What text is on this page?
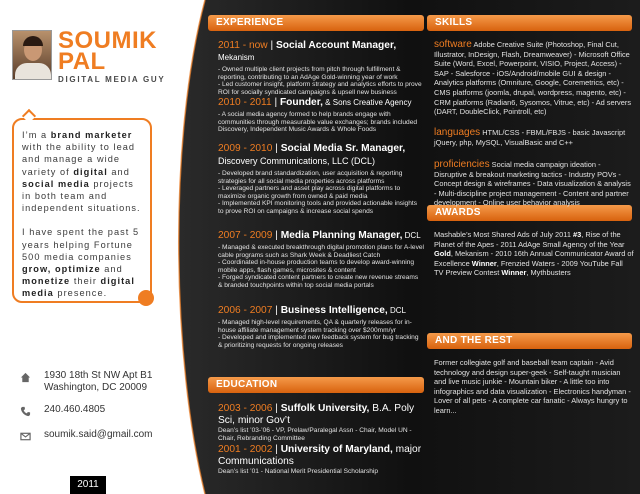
SOUMIK
PAL
DIGITAL MEDIA GUY

I’m a brand marketer with the ability to lead and manage a wide variety of digital and social media projects in both team and independent situations.

I have spent the past 5 years helping Fortune 500 media companies grow, optimize and monetize their digital media presence.

1930 18th St NW Apt B1
Washington, DC 20009
240.460.4805
soumik.said@gmail.com
2011
EXPERIENCE	SKILLS
EDUCATION
AWARDS
AND THE REST
2011 - now | Social Account Manager, Mekanism
- Owned multiple client projects from pitch through fulfillment & reporting, contributing to an AdAge Gold-winning year of work
- Led customer insight, platform strategy and analytics efforts to prove ROI for socially syndicated campaigns & upsell new business
2010 - 2011 | Founder, & Sons Creative Agency
- A social media agency formed to help brands engage with communities through measurable value exchanges; brands included Discovery, Independent Music Awards & Whole Foods
2009 - 2010 | Social Media Sr. Manager,
Discovery Communications, LLC (DCL)
- Developed brand standardization, user acquisition & reporting strategies for all social media properties across platforms
- Leveraged partners and asset play across digital platforms to maximize organic growth from owned & paid media
- Implemented KPI monitoring tools and provided actionable insights to prove ROI on campaigns & increase social spends
2007 - 2009 | Media Planning Manager, DCL
- Managed & executed breakthrough digital promotion plans for A-level cable programs such as Shark Week & Deadliest Catch
- Coordinated in-house production teams to develop award-winning mobile apps, flash games, microsites & content
- Forged syndicated content partners to create new revenue streams & branded touchpoints within top social media portals
2006 - 2007 | Business Intelligence, DCL
- Managed high-level requirements, QA & quarterly releases for in-house affiliate management system tracking over $200mm/yr
- Developed and implemented new feedback system for bug tracking & prioritizing requests for ongoing releases
2003 - 2006 | Suffolk University, B.A. Poly Sci, minor Gov’t
Dean’s list ’03-’06 - VP, Prelaw/Paralegal Assn - Chair, Model UN - Chair, Rebranding Committee
2001 - 2002 | University of Maryland, major Communications
Dean’s list ’01 - National Merit Presidential Scholarship
software Adobe Creative Suite (Photoshop, Final Cut, Illustrator, InDesign, Flash, Dreamweaver) - Microsoft Office Suite (Word, Excel, Powerpoint, VISIO, Project, Access) - SAP - Salesforce - iOS/Android/mobile GUI & design - Analytics platforms (Omniture, Google, Coremetrics, etc) - CMS platforms (joomla, drupal, wordpress, magento, etc) - CRM platforms (Radian6, Sysomos, Vitrue, etc) - Ad servers (DART, DoubleClick, Pointroll, etc)
languages HTML/CSS - FBML/FBJS - basic Javascript jQuery, php, MySQL, VisualBasic and C++
proficiencies Social media campaign ideation - Disruptive & breakout marketing tactics - Industry POVs - Concept design & wireframes - Data visualization & analysis - Multi-discipline project management - Content and partner development - Online user behavior analysis
Mashable’s Most Shared Ads of July 2011 #3, Rise of the Planet of the Apes - 2011 AdAge Small Agency of the Year Gold, Mekanism - 2010 16th Annual Communicator Award of Excellence Winner, Frenzied Waters - 2009 YouTube Fall TV Preview Contest Winner, Mythbusters
Former collegiate golf and baseball team captain - Avid technology and design super-geek - Self-taught musician and live music junkie - Mountain biker - A little too into infographics and data visualization - Electronics handyman - Lover of all pets - A complete car fanatic - Always hungry to learn...
